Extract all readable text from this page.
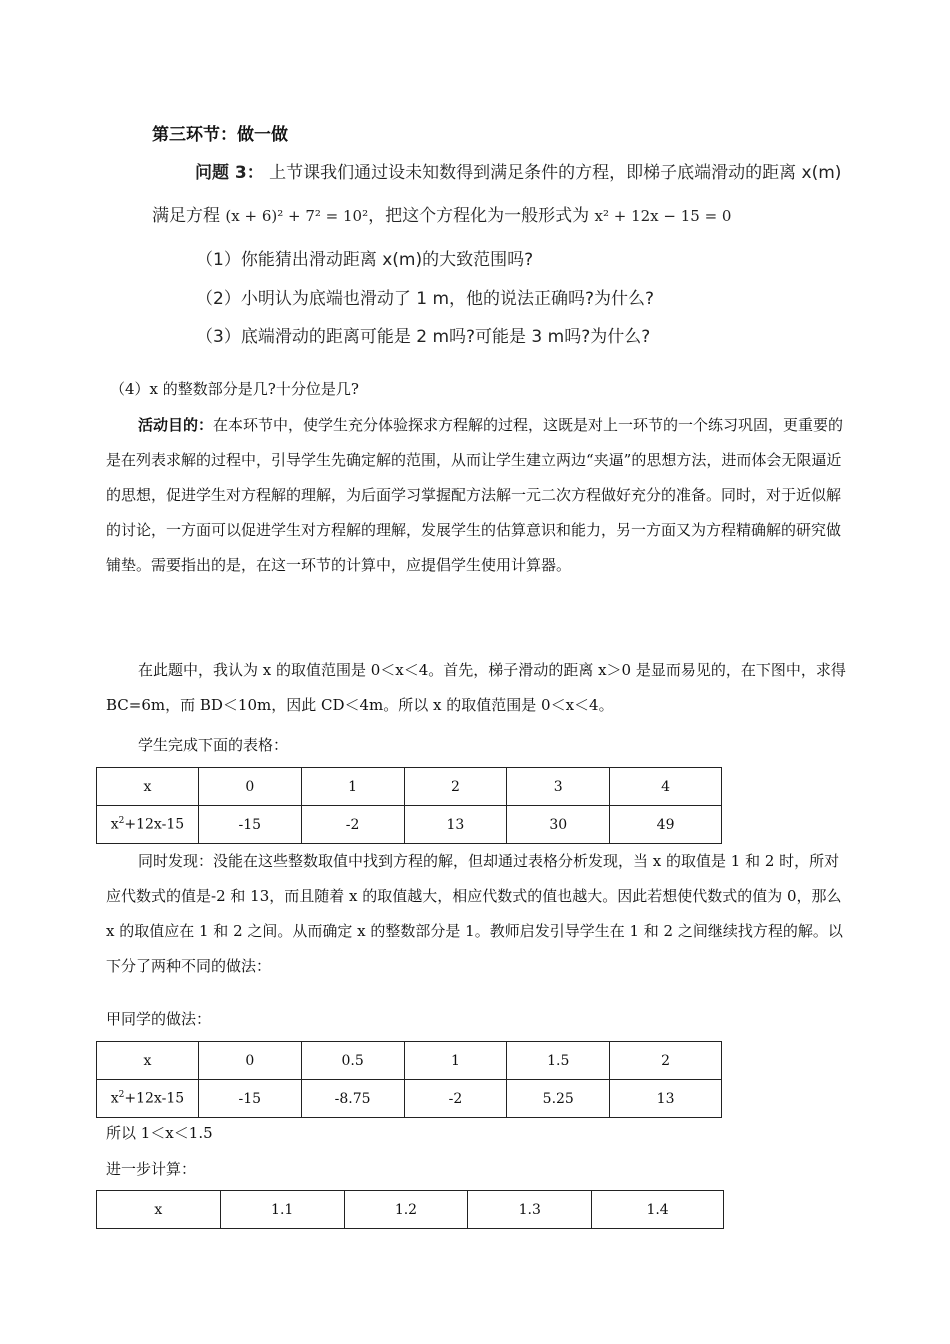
第三环节：做一做
问题 3： 上节课我们通过设未知数得到满足条件的方程，即梯子底端滑动的距离 x(m)
满足方程 (x + 6)² + 7² = 10²，把这个方程化为一般形式为 x² + 12x − 15 = 0
（1）你能猜出滑动距离 x(m)的大致范围吗?
（2）小明认为底端也滑动了 1 m，他的说法正确吗?为什么?
（3）底端滑动的距离可能是 2 m吗?可能是 3 m吗?为什么?
（4）x 的整数部分是几?十分位是几?

活动目的：在本环节中，使学生充分体验探求方程解的过程，这既是对上一环节的一个练习巩固，更重要的是在列表求解的过程中，引导学生先确定解的范围，从而让学生建立两边“夹逼”的思想方法，进而体会无限逼近的思想，促进学生对方程解的理解，为后面学习掌握配方法解一元二次方程做好充分的准备。同时，对于近似解的讨论，一方面可以促进学生对方程解的理解，发展学生的估算意识和能力，另一方面又为方程精确解的研究做铺垫。需要指出的是，在这一环节的计算中，应提倡学生使用计算器。

在此题中，我认为 x 的取值范围是 0＜x＜4。首先，梯子滑动的距离 x＞0 是显而易见的，在下图中，求得 BC=6m，而 BD＜10m，因此 CD＜4m。所以 x 的取值范围是 0＜x＜4。

学生完成下面的表格：
x	0	1	2	3	4
$x^2+12x-15$	-15	-2	13	30	49

同时发现：没能在这些整数取值中找到方程的解，但却通过表格分析发现，当 x 的取值是 1 和 2 时，所对应代数式的值是-2 和 13，而且随着 x 的取值越大，相应代数式的值也越大。因此若想使代数式的值为 0，那么 x 的取值应在 1 和 2 之间。从而确定 x 的整数部分是 1。教师启发引导学生在 1 和 2 之间继续找方程的解。以下分了两种不同的做法：

甲同学的做法：
x	0	0.5	1	1.5	2
$x^2+12x-15$	-15	-8.75	-2	5.25	13
所以 1＜x＜1.5
进一步计算：
x	1.1	1.2	1.3	1.4
